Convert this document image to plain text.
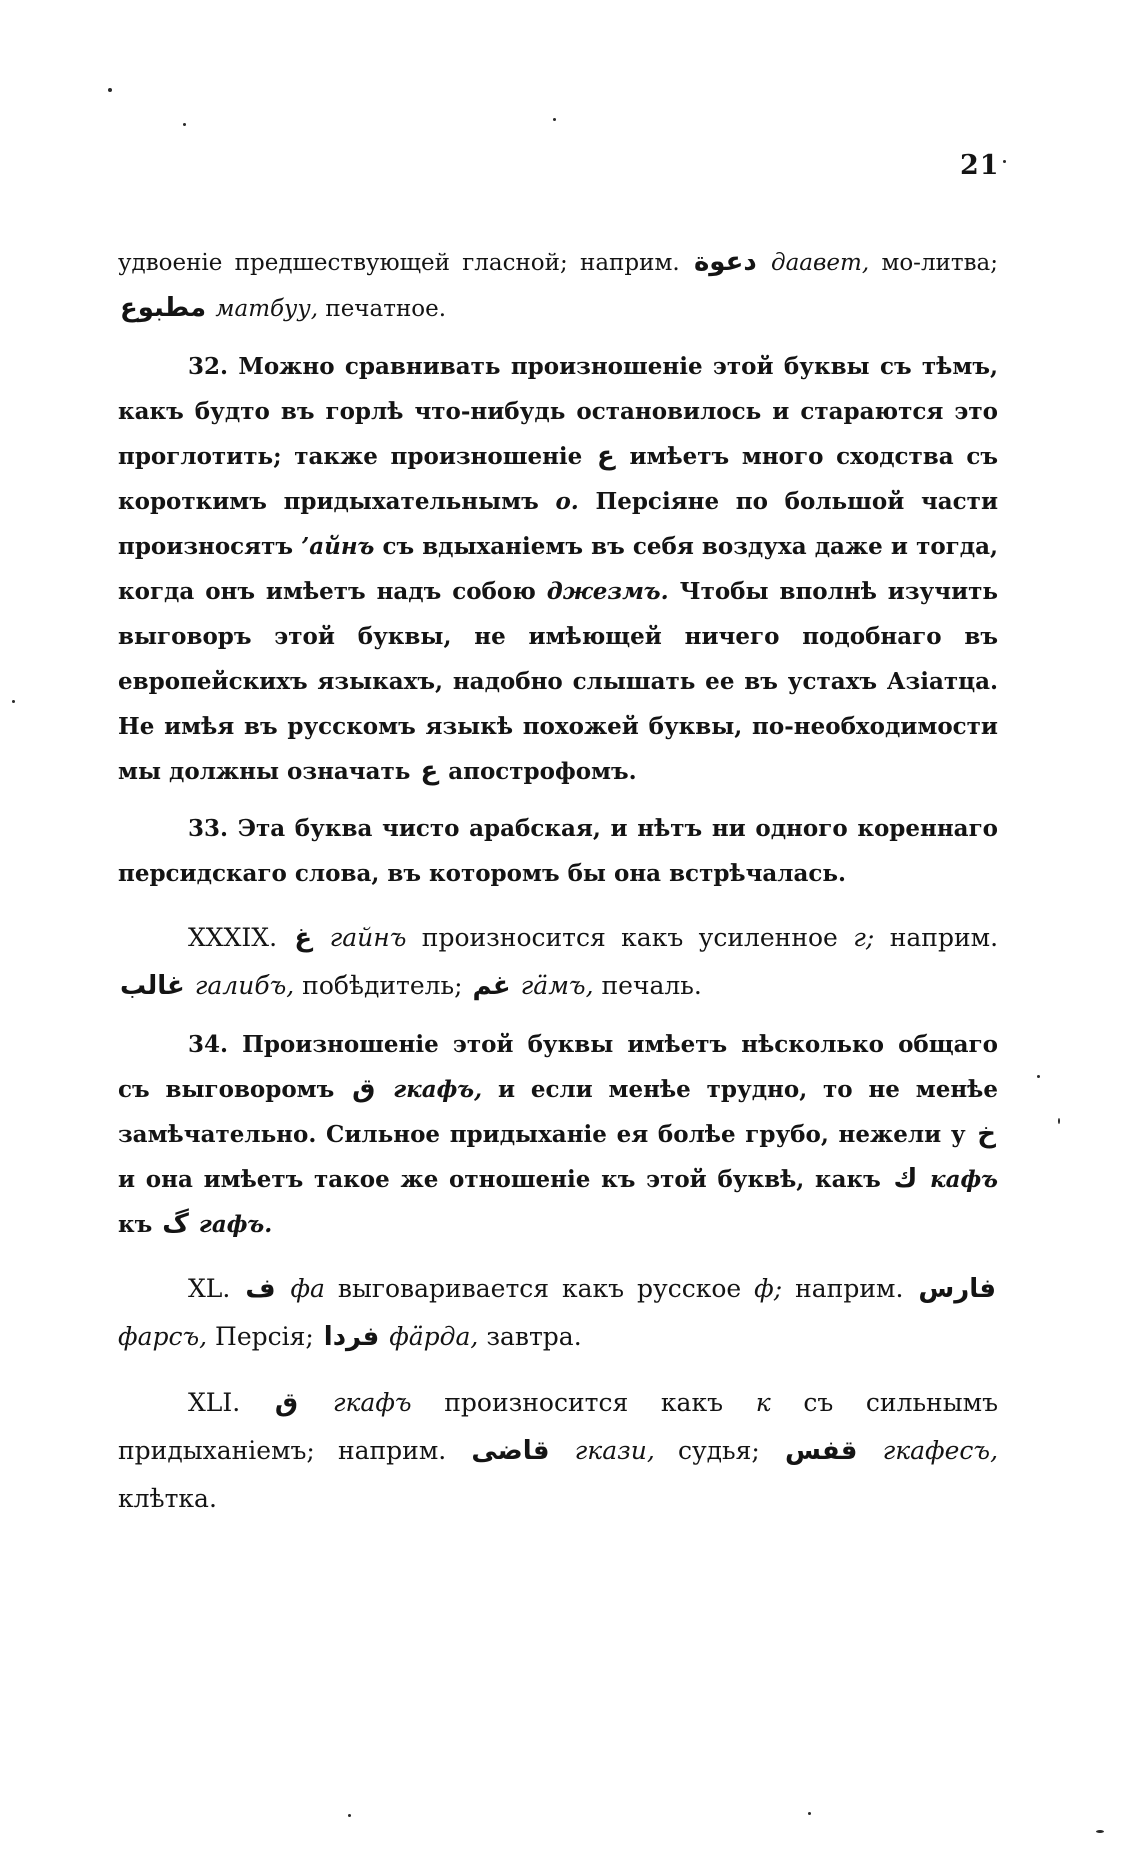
21

удвоеніе предшествующей гласной; наприм. دعوة даавет, мо-литва; مطبوع матбуу, печатное.

32. Можно сравнивать произношеніе этой буквы съ тѣмъ, какъ будто въ горлѣ что-нибудь остановилось и стараются это проглотить; также произношеніе ع имѣетъ много сходства съ короткимъ придыхательнымъ о. Персіяне по большой части произносятъ ’айнъ съ вдыханіемъ въ себя воздуха даже и тогда, когда онъ имѣетъ надъ собою джезмъ. Чтобы вполнѣ изучить выговоръ этой буквы, не имѣющей ничего подобнаго въ европейскихъ языкахъ, надобно слышать ее въ устахъ Азіатца. Не имѣя въ русскомъ языкѣ похожей буквы, по-необходимости мы должны означать ع апострофомъ.

33. Эта буква чисто арабская, и нѣтъ ни одного кореннаго персидскаго слова, въ которомъ бы она встрѣчалась.

XXXIX. غ гайнъ произносится какъ усиленное г; наприм. غالب галибъ, побѣдитель; غم гäмъ, печаль.

34. Произношеніе этой буквы имѣетъ нѣсколько общаго съ выговоромъ ق гкафъ, и если менѣе трудно, то не менѣе замѣчательно. Сильное придыханіе ея болѣе грубо, нежели у خ и она имѣетъ такое же отношеніе къ этой буквѣ, какъ ك кафъ къ گ гафъ.

XL. ف фа выговаривается какъ русское ф; наприм. فارس фарсъ, Персія; فردا фäрда, завтра.

XLI. ق гкафъ произносится какъ к съ сильнымъ придыханіемъ; наприм. قاضى гкази, судья; قفس гкафесъ, клѣтка.
